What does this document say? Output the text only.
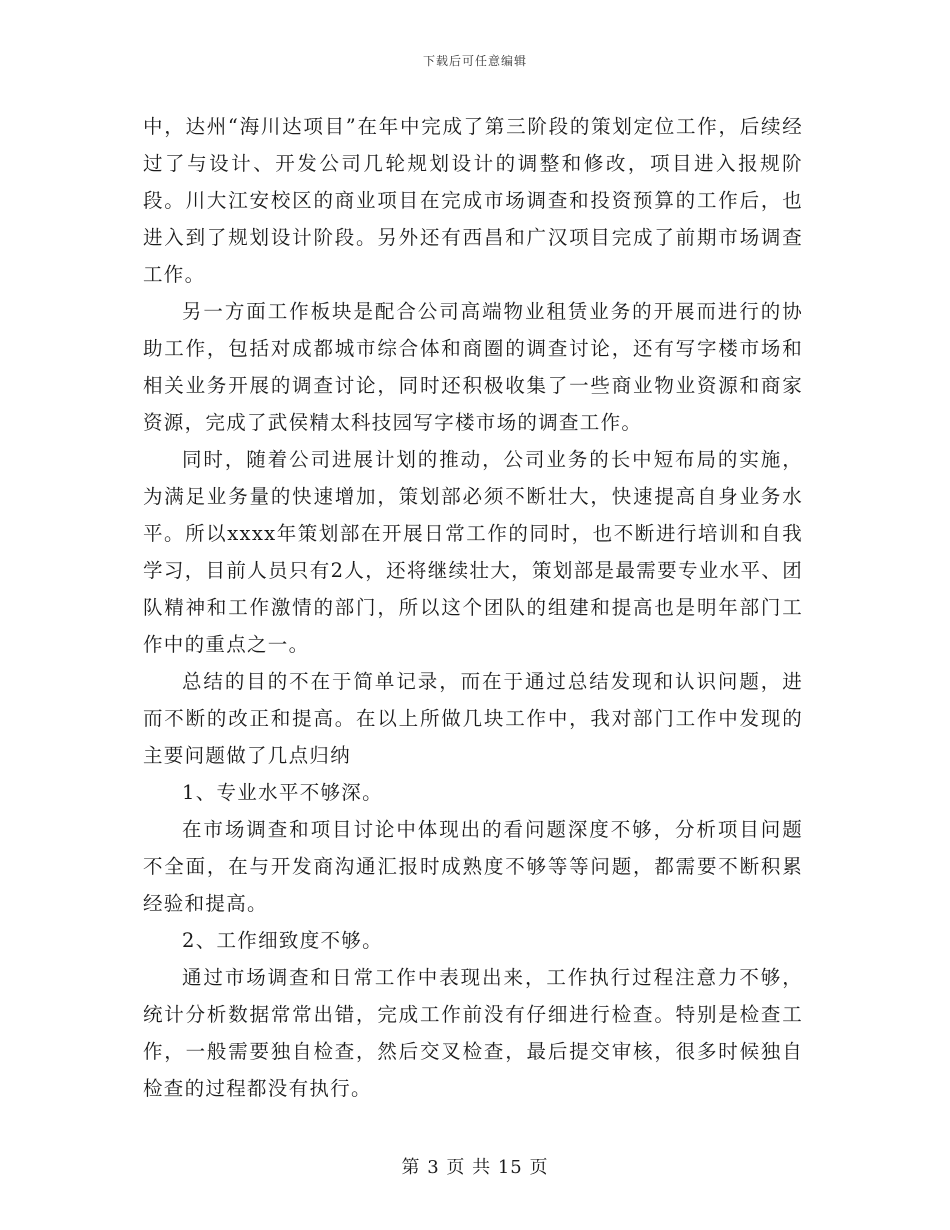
下载后可任意编辑

中，达州“海川达项目”在年中完成了第三阶段的策划定位工作，后续经过了与设计、开发公司几轮规划设计的调整和修改，项目进入报规阶段。川大江安校区的商业项目在完成市场调查和投资预算的工作后，也进入到了规划设计阶段。另外还有西昌和广汉项目完成了前期市场调查工作。

另一方面工作板块是配合公司高端物业租赁业务的开展而进行的协助工作，包括对成都城市综合体和商圈的调查讨论，还有写字楼市场和相关业务开展的调查讨论，同时还积极收集了一些商业物业资源和商家资源，完成了武侯精太科技园写字楼市场的调查工作。

同时，随着公司进展计划的推动，公司业务的长中短布局的实施，为满足业务量的快速增加，策划部必须不断壮大，快速提高自身业务水平。所以xxxx年策划部在开展日常工作的同时，也不断进行培训和自我学习，目前人员只有2人，还将继续壮大，策划部是最需要专业水平、团队精神和工作激情的部门，所以这个团队的组建和提高也是明年部门工作中的重点之一。

总结的目的不在于简单记录，而在于通过总结发现和认识问题，进而不断的改正和提高。在以上所做几块工作中，我对部门工作中发现的主要问题做了几点归纳

1、专业水平不够深。

在市场调查和项目讨论中体现出的看问题深度不够，分析项目问题不全面，在与开发商沟通汇报时成熟度不够等等问题，都需要不断积累经验和提高。

2、工作细致度不够。

通过市场调查和日常工作中表现出来，工作执行过程注意力不够，统计分析数据常常出错，完成工作前没有仔细进行检查。特别是检查工作，一般需要独自检查，然后交叉检查，最后提交审核，很多时候独自检查的过程都没有执行。

第 3 页 共 15 页
